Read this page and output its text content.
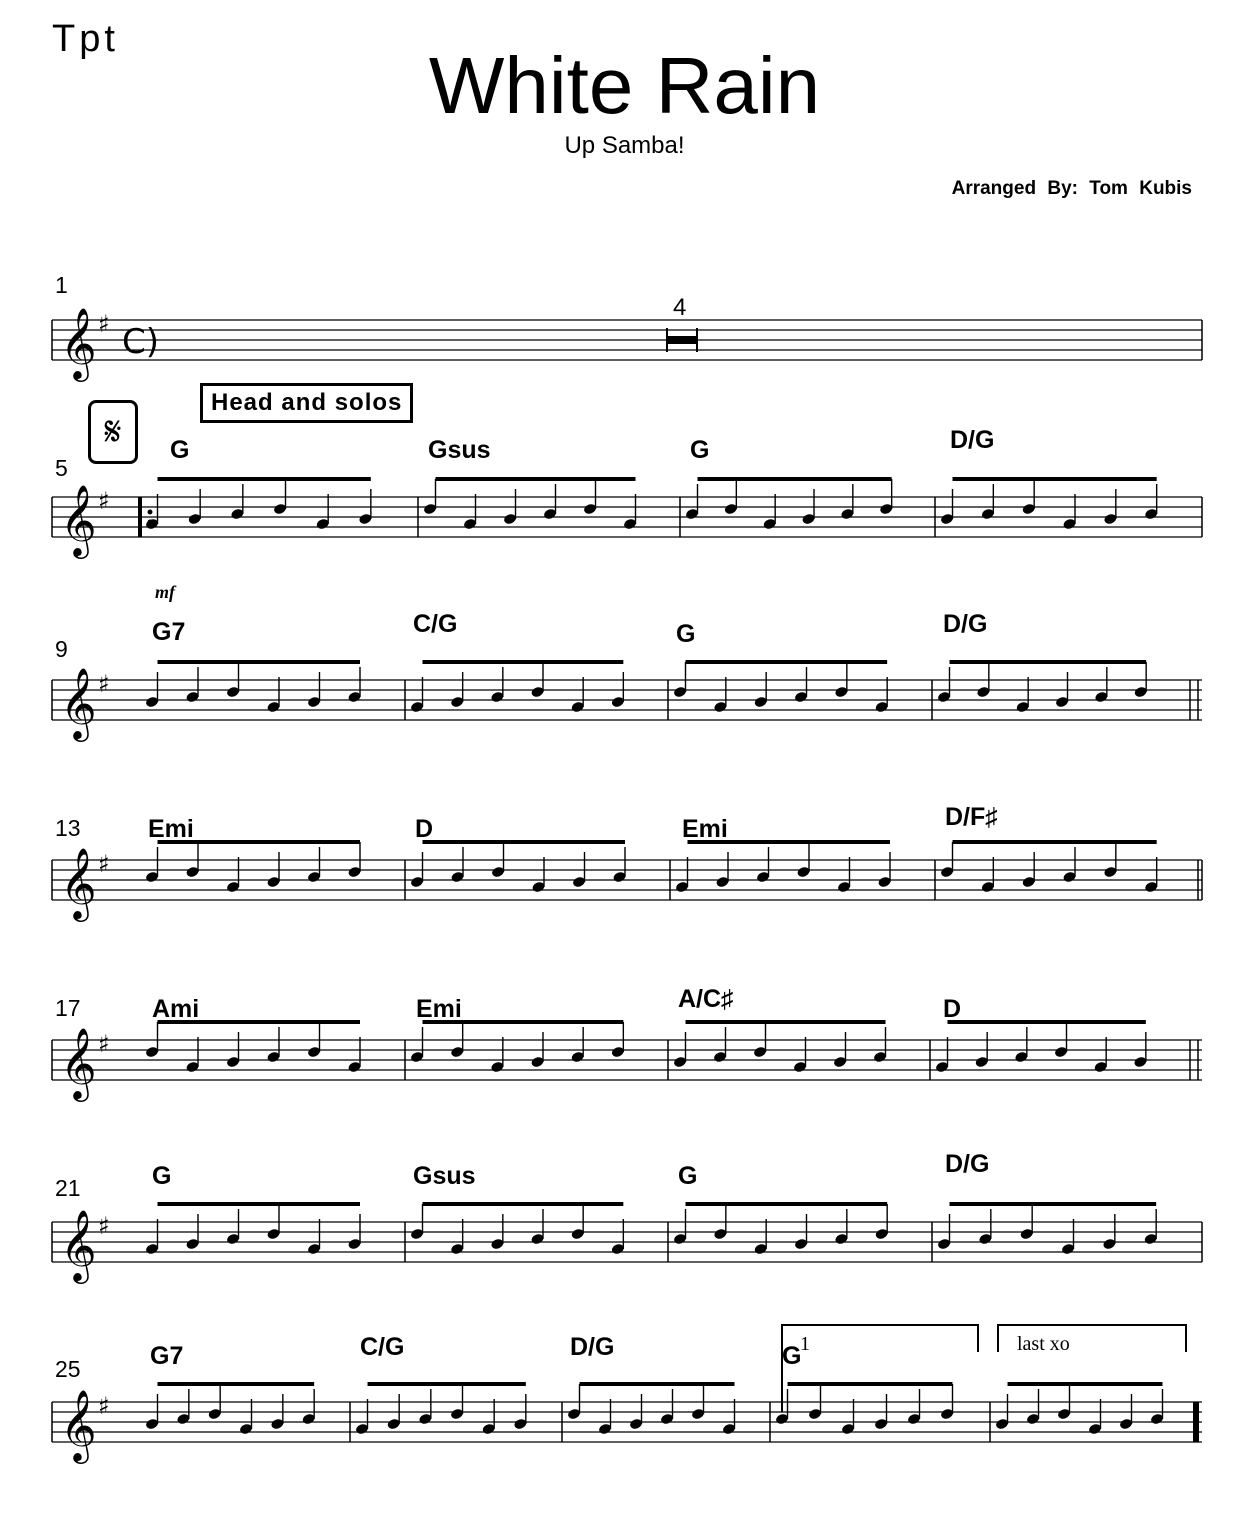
Tpt
White Rain
Up Samba!
Arranged By: Tom Kubis
1
5
9
13
17
21
25
Head and solos
𝄋
4
G	Gsus	G	D/G
G7	C/G	G	D/G
Emi	D	Emi	D/F♯
Ami	Emi	A/C♯	D
G	Gsus	G	D/G
G7	C/G	D/G	G
1	last xo
mf
𝄞 ♯
𝄞 ♯
𝄞 ♯
𝄞 ♯
𝄞 ♯
𝄞 ♯
𝄞 ♯
C)
